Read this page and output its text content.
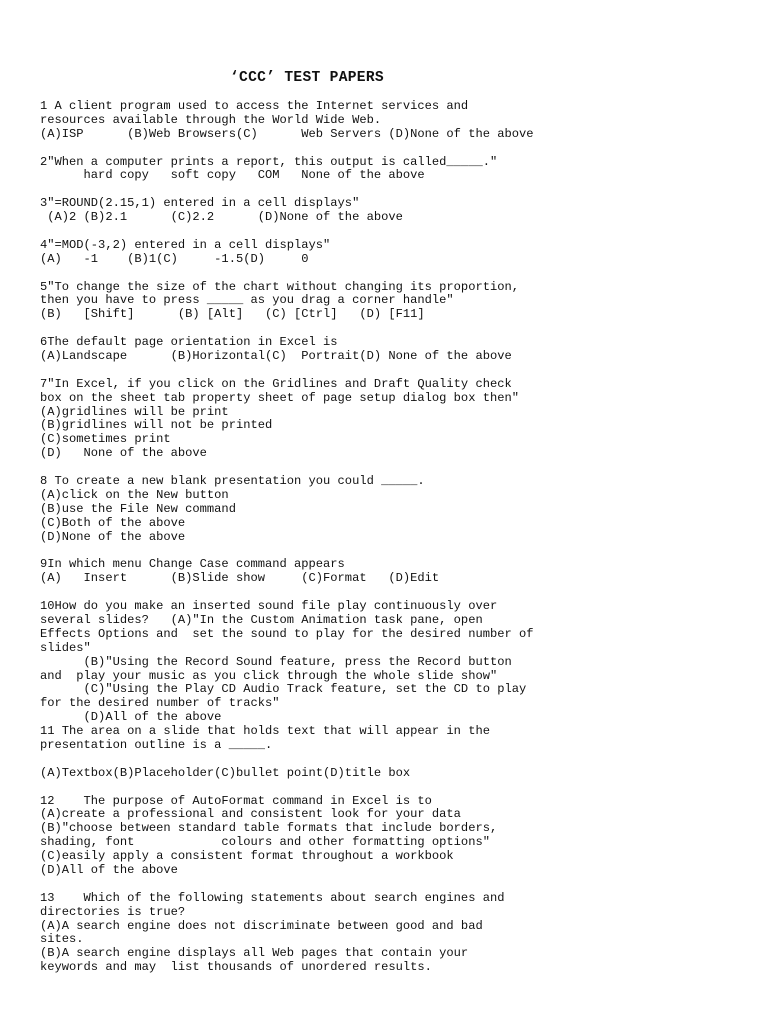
‘CCC’ TEST PAPERS
1 A client program used to access the Internet services and
resources available through the World Wide Web.
(A)ISP      (B)Web Browsers(C)      Web Servers (D)None of the above
2"When a computer prints a report, this output is called_____."
hard copy   soft copy   COM   None of the above
3"=ROUND(2.15,1) entered in a cell displays"
(A)2 (B)2.1      (C)2.2      (D)None of the above
4"=MOD(-3,2) entered in a cell displays"
(A)   -1    (B)1(C)     -1.5(D)     0
5"To change the size of the chart without changing its proportion,
then you have to press _____ as you drag a corner handle"
(B)   [Shift]      (B) [Alt]   (C) [Ctrl]   (D) [F11]
6The default page orientation in Excel is
(A)Landscape      (B)Horizontal(C)  Portrait(D) None of the above
7"In Excel, if you click on the Gridlines and Draft Quality check
box on the sheet tab property sheet of page setup dialog box then"
(A)gridlines will be print
(B)gridlines will not be printed
(C)sometimes print
(D)   None of the above
8 To create a new blank presentation you could _____.
(A)click on the New button
(B)use the File New command
(C)Both of the above
(D)None of the above
9In which menu Change Case command appears
(A)   Insert      (B)Slide show     (C)Format   (D)Edit
10How do you make an inserted sound file play continuously over
several slides?   (A)"In the Custom Animation task pane, open
Effects Options and  set the sound to play for the desired number of
slides"
(B)"Using the Record Sound feature, press the Record button
and  play your music as you click through the whole slide show"
(C)"Using the Play CD Audio Track feature, set the CD to play
for the desired number of tracks"
(D)All of the above
11 The area on a slide that holds text that will appear in the
presentation outline is a _____.
(A)Textbox(B)Placeholder(C)bullet point(D)title box
12    The purpose of AutoFormat command in Excel is to
(A)create a professional and consistent look for your data
(B)"choose between standard table formats that include borders,
shading, font            colours and other formatting options"
(C)easily apply a consistent format throughout a workbook
(D)All of the above
13    Which of the following statements about search engines and
directories is true?
(A)A search engine does not discriminate between good and bad
sites.
(B)A search engine displays all Web pages that contain your
keywords and may  list thousands of unordered results.
